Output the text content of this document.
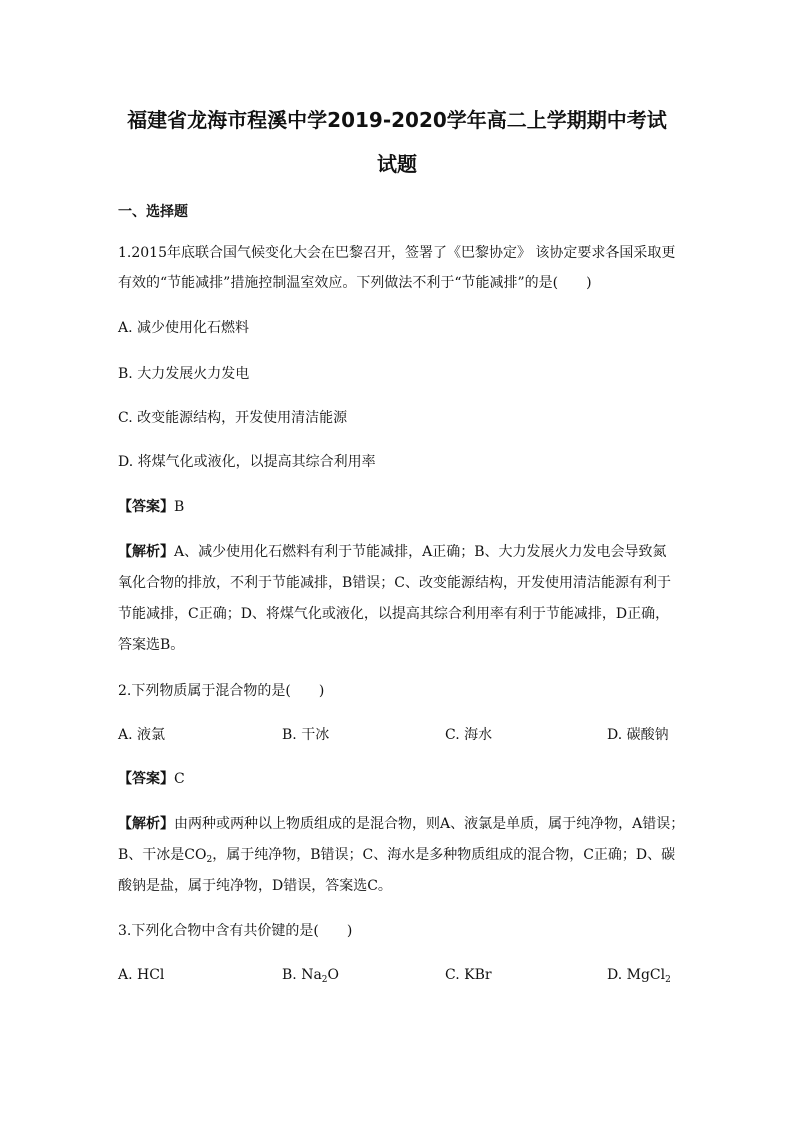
福建省龙海市程溪中学2019-2020学年高二上学期期中考试
试题
一、选择题
1.2015年底联合国气候变化大会在巴黎召开，签署了《巴黎协定》 该协定要求各国采取更
有效的“节能减排”措施控制温室效应。下列做法不利于“节能减排”的是(　　)
A. 减少使用化石燃料
B. 大力发展火力发电
C. 改变能源结构，开发使用清洁能源
D. 将煤气化或液化，以提高其综合利用率
【答案】B
【解析】A、减少使用化石燃料有利于节能减排，A正确；B、大力发展火力发电会导致氮
氧化合物的排放，不利于节能减排，B错误；C、改变能源结构，开发使用清洁能源有利于
节能减排，C正确；D、将煤气化或液化，以提高其综合利用率有利于节能减排，D正确，
答案选B。
2.下列物质属于混合物的是(　　)
A. 液氯	B. 干冰	C. 海水	D. 碳酸钠
【答案】C
【解析】由两种或两种以上物质组成的是混合物，则A、液氯是单质，属于纯净物，A错误；
B、干冰是$CO_2$，属于纯净物，B错误；C、海水是多种物质组成的混合物，C正确；D、碳
酸钠是盐，属于纯净物，D错误，答案选C。
3.下列化合物中含有共价键的是(　　)
A. HCl	B. $Na_2O$	C. KBr	D. MgCl$_2$
